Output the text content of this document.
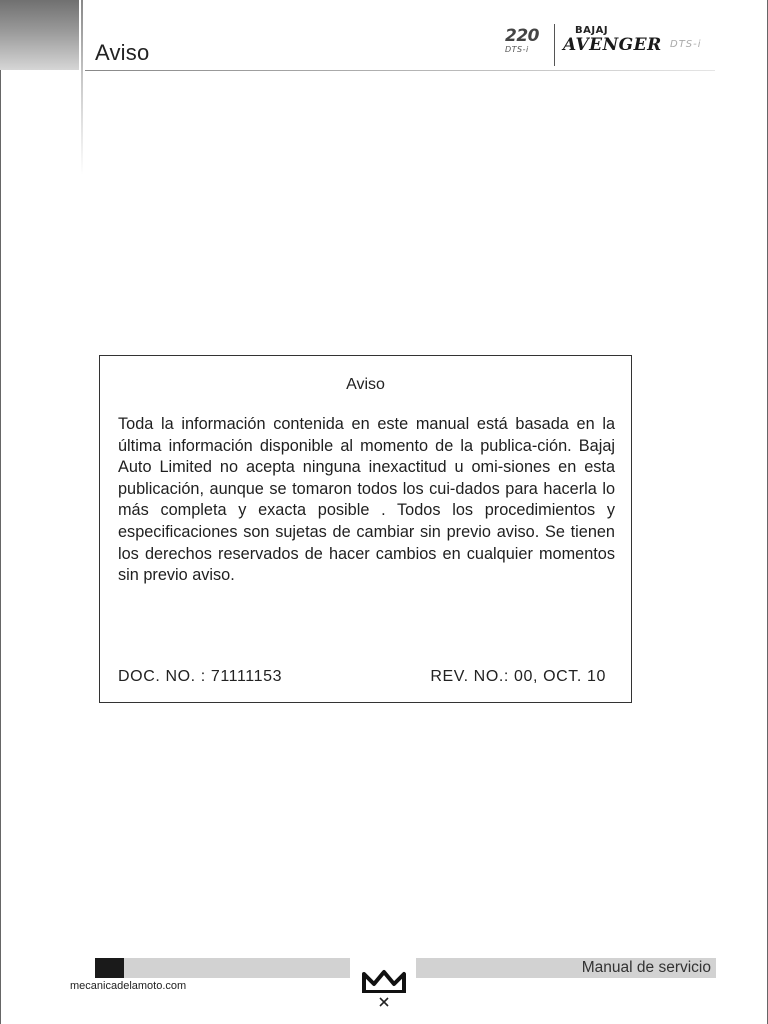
Aviso
220
DTS-i
BAJAJ
AVENGER DTS-i
Aviso

Toda la información contenida en este manual está basada en la última información disponible al momento de la publica-ción. Bajaj Auto Limited no acepta ninguna inexactitud u omi-siones en esta publicación, aunque se tomaron todos los cui-dados para hacerla lo más completa y exacta posible . Todos los procedimientos y especificaciones son sujetas de cambiar sin previo aviso. Se tienen los derechos reservados de hacer cambios en cualquier momentos sin previo aviso.

DOC. NO. : 71111153	REV. NO.: 00, OCT. 10
Manual de servicio
mecanicadelamoto.com
